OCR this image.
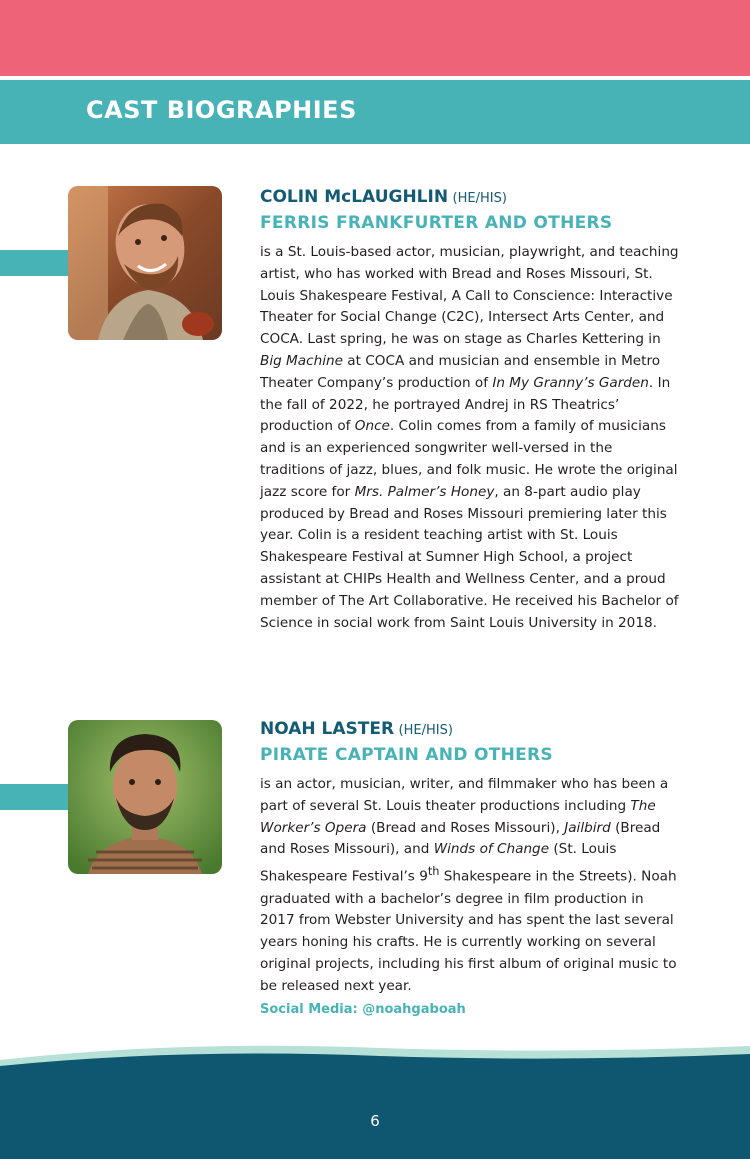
CAST BIOGRAPHIES

COLIN McLAUGHLIN (HE/HIS)

FERRIS FRANKFURTER AND OTHERS

is a St. Louis-based actor, musician, playwright, and teaching artist, who has worked with Bread and Roses Missouri, St. Louis Shakespeare Festival, A Call to Conscience: Interactive Theater for Social Change (C2C), Intersect Arts Center, and COCA. Last spring, he was on stage as Charles Kettering in Big Machine at COCA and musician and ensemble in Metro Theater Company’s production of In My Granny’s Garden. In the fall of 2022, he portrayed Andrej in RS Theatrics’ production of Once. Colin comes from a family of musicians and is an experienced songwriter well-versed in the traditions of jazz, blues, and folk music. He wrote the original jazz score for Mrs. Palmer’s Honey, an 8-part audio play produced by Bread and Roses Missouri premiering later this year. Colin is a resident teaching artist with St. Louis Shakespeare Festival at Sumner High School, a project assistant at CHIPs Health and Wellness Center, and a proud member of The Art Collaborative. He received his Bachelor of Science in social work from Saint Louis University in 2018.

NOAH LASTER (HE/HIS)

PIRATE CAPTAIN AND OTHERS

is an actor, musician, writer, and filmmaker who has been a part of several St. Louis theater productions including The Worker’s Opera (Bread and Roses Missouri), Jailbird (Bread and Roses Missouri), and Winds of Change (St. Louis Shakespeare Festival’s 9th Shakespeare in the Streets). Noah graduated with a bachelor’s degree in film production in 2017 from Webster University and has spent the last several years honing his crafts. He is currently working on several original projects, including his first album of original music to be released next year.

Social Media: @noahgaboah

6
